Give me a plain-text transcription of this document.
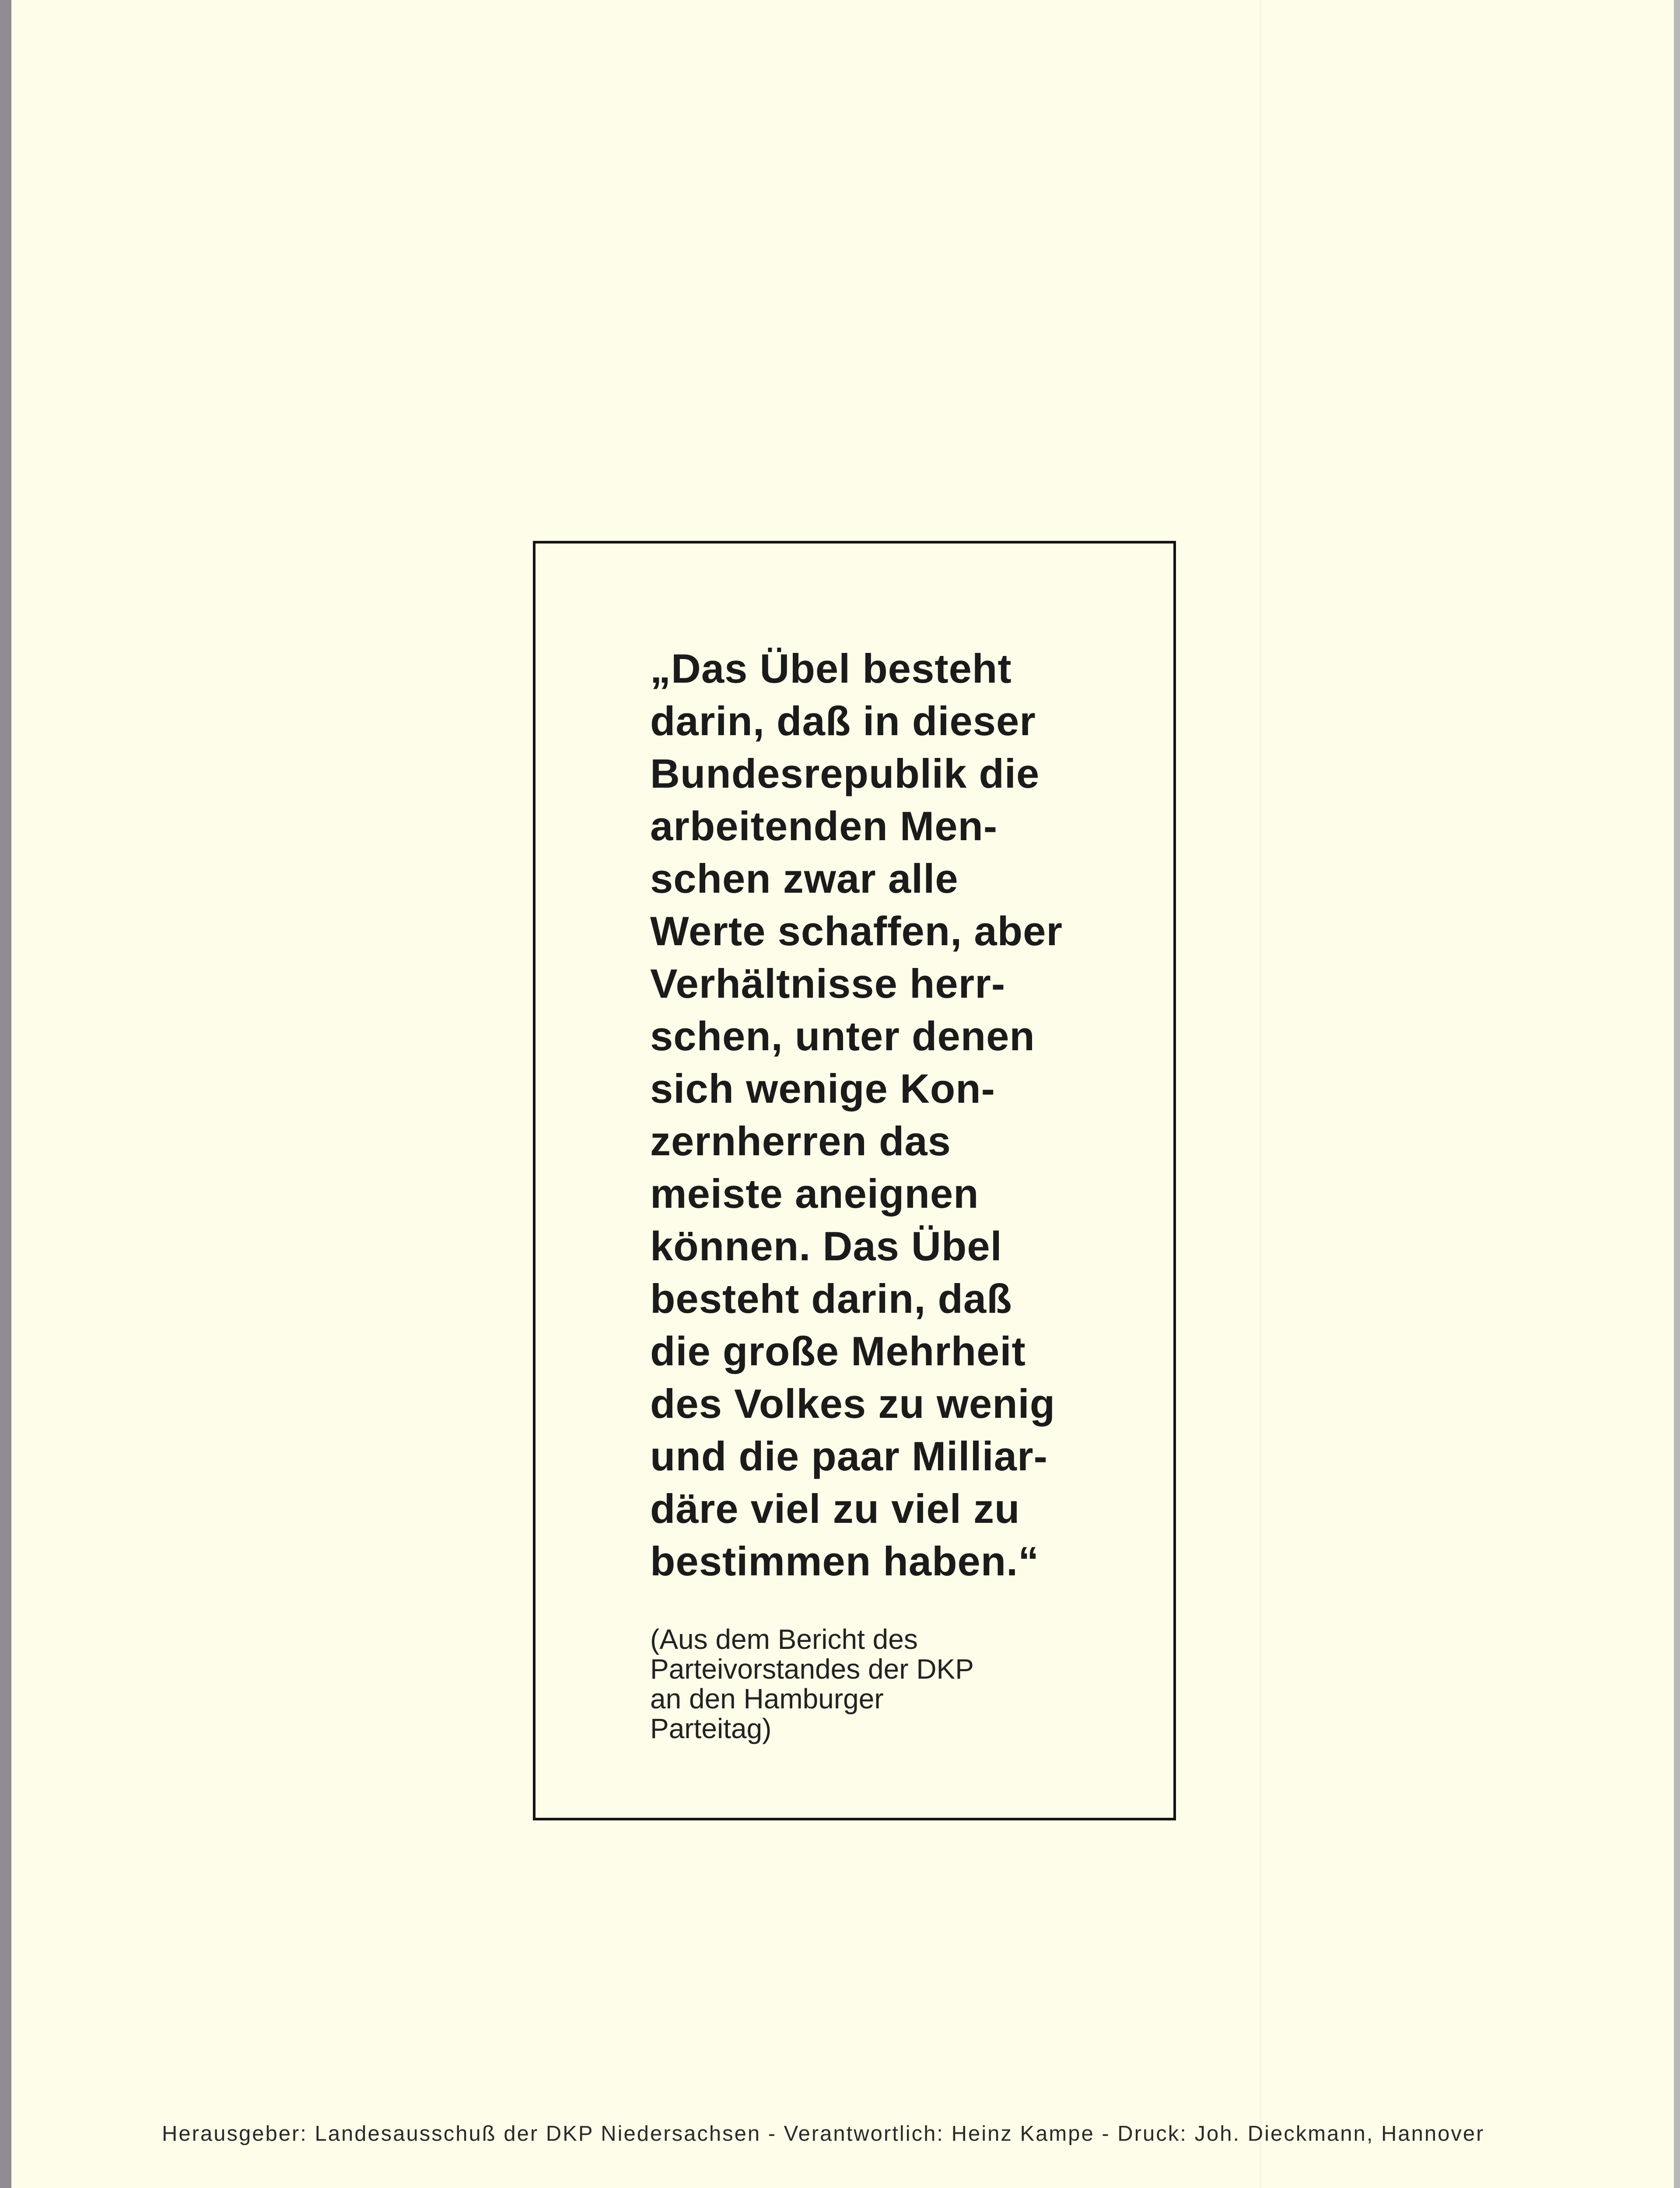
„Das Übel besteht
darin, daß in dieser
Bundesrepublik die
arbeitenden Men-
schen zwar alle
Werte schaffen, aber
Verhältnisse herr-
schen, unter denen
sich wenige Kon-
zernherren das
meiste aneignen
können. Das Übel
besteht darin, daß
die große Mehrheit
des Volkes zu wenig
und die paar Milliar-
däre viel zu viel zu
bestimmen haben.“

(Aus dem Bericht des
Parteivorstandes der DKP
an den Hamburger
Parteitag)

Herausgeber: Landesausschuß der DKP Niedersachsen - Verantwortlich: Heinz Kampe - Druck: Joh. Dieckmann, Hannover
